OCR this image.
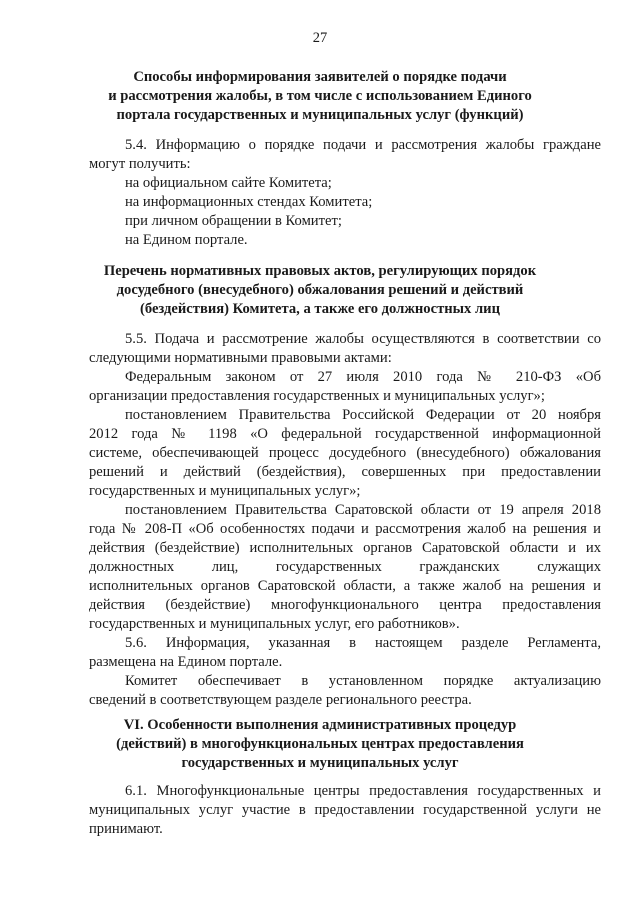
27
Способы информирования заявителей о порядке подачи
и рассмотрения жалобы, в том числе с использованием Единого
портала государственных и муниципальных услуг (функций)
5.4. Информацию о порядке подачи и рассмотрения жалобы граждане
могут получить:
на официальном сайте Комитета;
на информационных стендах Комитета;
при личном обращении в Комитет;
на Едином портале.
Перечень нормативных правовых актов, регулирующих порядок
досудебного (внесудебного) обжалования решений и действий
(бездействия) Комитета, а также его должностных лиц
5.5. Подача и рассмотрение жалобы осуществляются в соответствии со
следующими нормативными правовыми актами:
Федеральным законом от 27 июля 2010 года № 210-ФЗ «Об
организации предоставления государственных и муниципальных услуг»;
постановлением Правительства Российской Федерации от 20 ноября
2012 года № 1198 «О федеральной государственной информационной
системе, обеспечивающей процесс досудебного (внесудебного) обжалования
решений и действий (бездействия), совершенных при предоставлении
государственных и муниципальных услуг»;
постановлением Правительства Саратовской области от 19 апреля 2018
года № 208-П «Об особенностях подачи и рассмотрения жалоб на решения и
действия (бездействие) исполнительных органов Саратовской области и их
должностных лиц, государственных гражданских служащих
исполнительных органов Саратовской области, а также жалоб на решения и
действия (бездействие) многофункционального центра предоставления
государственных и муниципальных услуг, его работников».
5.6. Информация, указанная в настоящем разделе Регламента,
размещена на Едином портале.
Комитет обеспечивает в установленном порядке актуализацию
сведений в соответствующем разделе регионального реестра.
VI. Особенности выполнения административных процедур
(действий) в многофункциональных центрах предоставления
государственных и муниципальных услуг
6.1. Многофункциональные центры предоставления государственных и
муниципальных услуг участие в предоставлении государственной услуги не
принимают.
